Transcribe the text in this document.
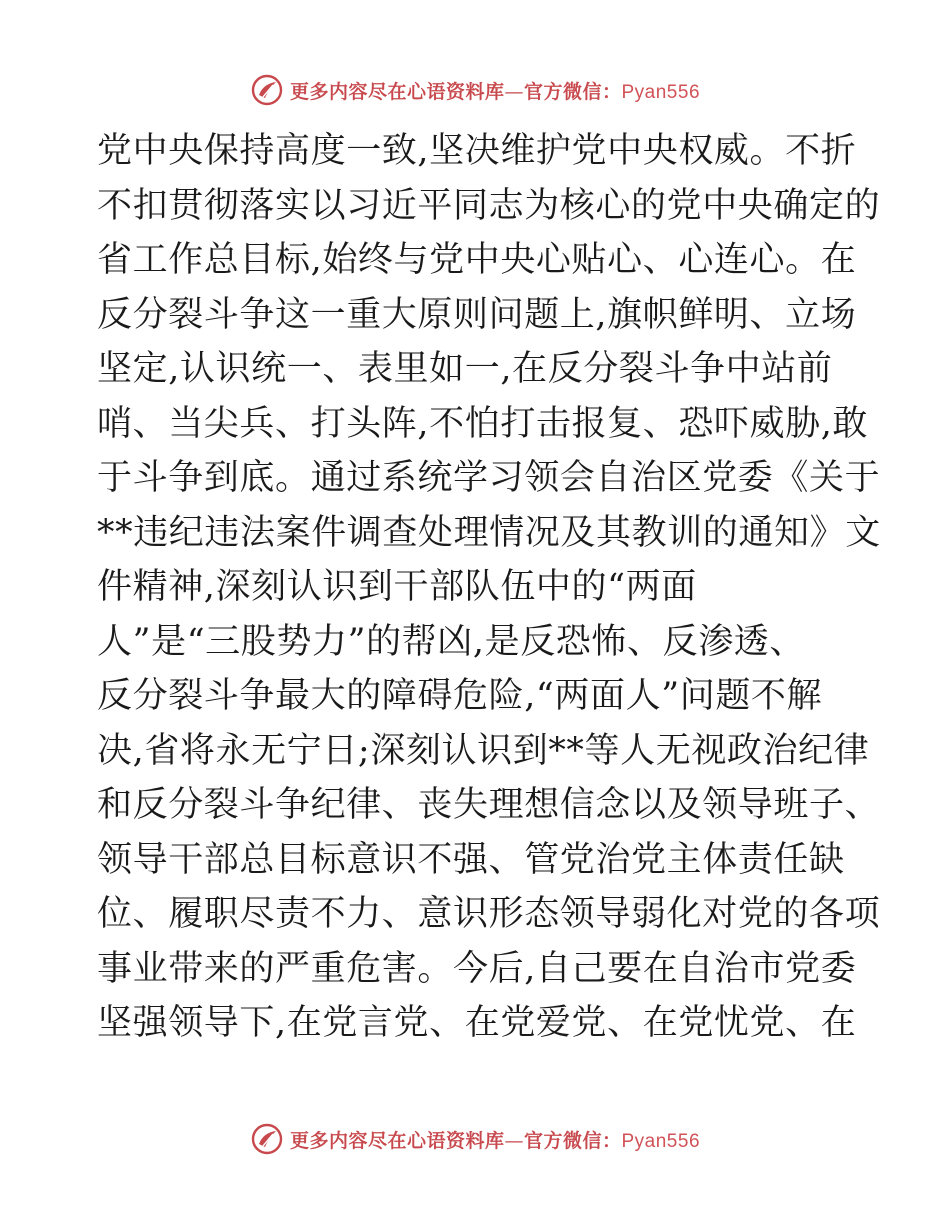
更多内容尽在心语资料库—官方微信：Pyan556
党中央保持高度一致,坚决维护党中央权威。不折
不扣贯彻落实以习近平同志为核心的党中央确定的
省工作总目标,始终与党中央心贴心、心连心。在
反分裂斗争这一重大原则问题上,旗帜鲜明、立场
坚定,认识统一、表里如一,在反分裂斗争中站前
哨、当尖兵、打头阵,不怕打击报复、恐吓威胁,敢
于斗争到底。通过系统学习领会自治区党委《关于
**违纪违法案件调查处理情况及其教训的通知》文
件精神,深刻认识到干部队伍中的“两面
人”是“三股势力”的帮凶,是反恐怖、反渗透、
反分裂斗争最大的障碍危险,“两面人”问题不解
决,省将永无宁日;深刻认识到**等人无视政治纪律
和反分裂斗争纪律、丧失理想信念以及领导班子、
领导干部总目标意识不强、管党治党主体责任缺
位、履职尽责不力、意识形态领导弱化对党的各项
事业带来的严重危害。今后,自己要在自治市党委
坚强领导下,在党言党、在党爱党、在党忧党、在
更多内容尽在心语资料库—官方微信：Pyan556
